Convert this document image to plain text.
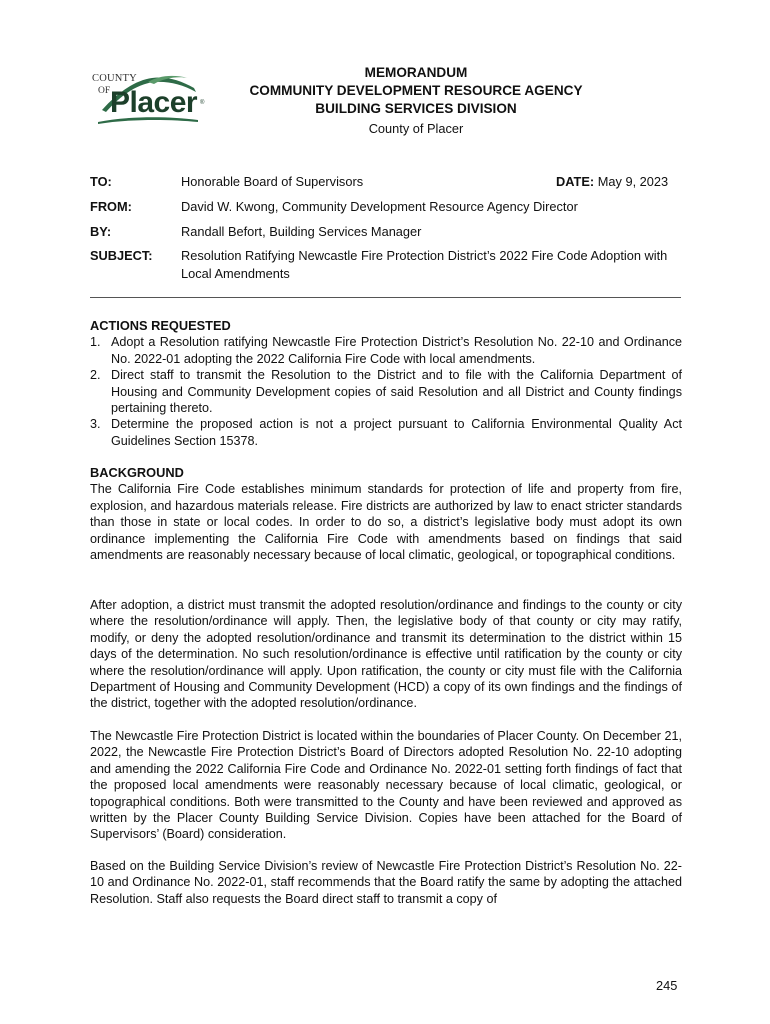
COUNTY
OF Placer ®
MEMORANDUM
COMMUNITY DEVELOPMENT RESOURCE AGENCY
BUILDING SERVICES DIVISION
County of Placer
TO:	Honorable Board of Supervisors	DATE: May 9, 2023
FROM:	David W. Kwong, Community Development Resource Agency Director
BY:	Randall Befort, Building Services Manager
SUBJECT: Resolution Ratifying Newcastle Fire Protection District’s 2022 Fire Code Adoption with Local Amendments
ACTIONS REQUESTED
1. Adopt a Resolution ratifying Newcastle Fire Protection District’s Resolution No. 22-10 and Ordinance No. 2022-01 adopting the 2022 California Fire Code with local amendments.
2. Direct staff to transmit the Resolution to the District and to file with the California Department of Housing and Community Development copies of said Resolution and all District and County findings pertaining thereto.
3. Determine the proposed action is not a project pursuant to California Environmental Quality Act Guidelines Section 15378.
BACKGROUND

The California Fire Code establishes minimum standards for protection of life and property from fire, explosion, and hazardous materials release. Fire districts are authorized by law to enact stricter standards than those in state or local codes. In order to do so, a district’s legislative body must adopt its own ordinance implementing the California Fire Code with amendments based on findings that said amendments are reasonably necessary because of local climatic, geological, or topographical conditions.

After adoption, a district must transmit the adopted resolution/ordinance and findings to the county or city where the resolution/ordinance will apply. Then, the legislative body of that county or city may ratify, modify, or deny the adopted resolution/ordinance and transmit its determination to the district within 15 days of the determination. No such resolution/ordinance is effective until ratification by the county or city where the resolution/ordinance will apply. Upon ratification, the county or city must file with the California Department of Housing and Community Development (HCD) a copy of its own findings and the findings of the district, together with the adopted resolution/ordinance.
The Newcastle Fire Protection District is located within the boundaries of Placer County. On December 21, 2022, the Newcastle Fire Protection District’s Board of Directors adopted Resolution No. 22-10 adopting and amending the 2022 California Fire Code and Ordinance No. 2022-01 setting forth findings of fact that the proposed local amendments were reasonably necessary because of local climatic, geological, or topographical conditions. Both were transmitted to the County and have been reviewed and approved as written by the Placer County Building Service Division. Copies have been attached for the Board of Supervisors’ (Board) consideration.
Based on the Building Service Division’s review of Newcastle Fire Protection District’s Resolution No. 22-10 and Ordinance No. 2022-01, staff recommends that the Board ratify the same by adopting the attached Resolution. Staff also requests the Board direct staff to transmit a copy of
245
